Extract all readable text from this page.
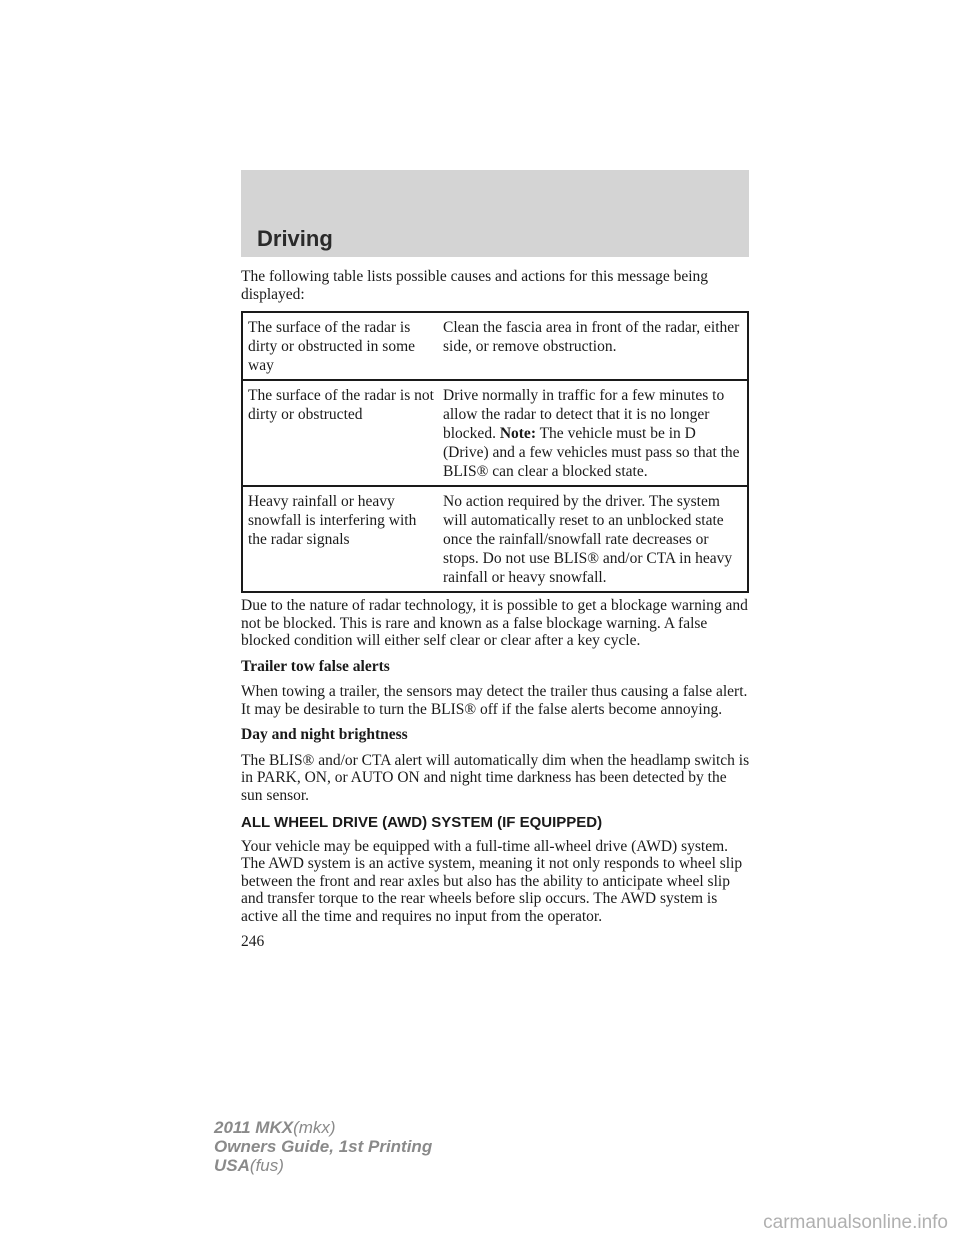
Driving

The following table lists possible causes and actions for this message being displayed:

The surface of the radar is dirty or obstructed in some way	Clean the fascia area in front of the radar, either side, or remove obstruction.
The surface of the radar is not dirty or obstructed	Drive normally in traffic for a few minutes to allow the radar to detect that it is no longer blocked. Note: The vehicle must be in D (Drive) and a few vehicles must pass so that the BLIS® can clear a blocked state.
Heavy rainfall or heavy snowfall is interfering with the radar signals	No action required by the driver. The system will automatically reset to an unblocked state once the rainfall/snowfall rate decreases or stops. Do not use BLIS® and/or CTA in heavy rainfall or heavy snowfall.

Due to the nature of radar technology, it is possible to get a blockage warning and not be blocked. This is rare and known as a false blockage warning. A false blocked condition will either self clear or clear after a key cycle.

Trailer tow false alerts

When towing a trailer, the sensors may detect the trailer thus causing a false alert. It may be desirable to turn the BLIS® off if the false alerts become annoying.

Day and night brightness

The BLIS® and/or CTA alert will automatically dim when the headlamp switch is in PARK, ON, or AUTO ON and night time darkness has been detected by the sun sensor.

ALL WHEEL DRIVE (AWD) SYSTEM (IF EQUIPPED)

Your vehicle may be equipped with a full-time all-wheel drive (AWD) system. The AWD system is an active system, meaning it not only responds to wheel slip between the front and rear axles but also has the ability to anticipate wheel slip and transfer torque to the rear wheels before slip occurs. The AWD system is active all the time and requires no input from the operator.

246
2011 MKX(mkx)
Owners Guide, 1st Printing
USA(fus)
carmanualsonline.info
